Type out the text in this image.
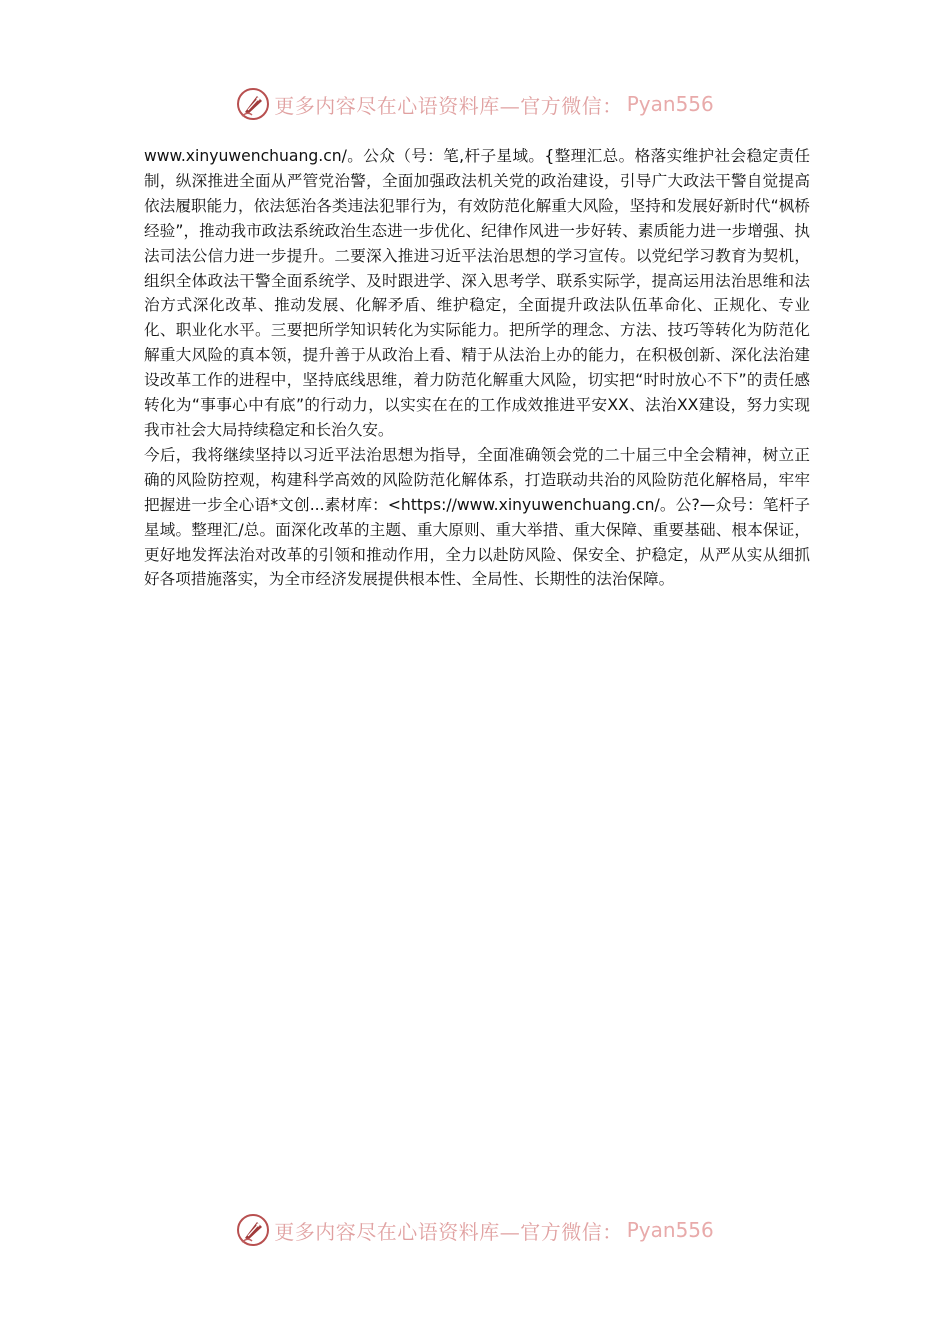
更多内容尽在心语资料库—官方微信： Pyan556

www.xinyuwenchuang.cn/。公众（号：笔,杆子星域。{整理汇总。格落实维护社会稳定责任制，纵深推进全面从严管党治警，全面加强政法机关党的政治建设，引导广大政法干警自觉提高依法履职能力，依法惩治各类违法犯罪行为，有效防范化解重大风险，坚持和发展好新时代“枫桥经验”，推动我市政法系统政治生态进一步优化、纪律作风进一步好转、素质能力进一步增强、执法司法公信力进一步提升。二要深入推进习近平法治思想的学习宣传。以党纪学习教育为契机，组织全体政法干警全面系统学、及时跟进学、深入思考学、联系实际学，提高运用法治思维和法治方式深化改革、推动发展、化解矛盾、维护稳定，全面提升政法队伍革命化、正规化、专业化、职业化水平。三要把所学知识转化为实际能力。把所学的理念、方法、技巧等转化为防范化解重大风险的真本领，提升善于从政治上看、精于从法治上办的能力，在积极创新、深化法治建设改革工作的进程中，坚持底线思维，着力防范化解重大风险，切实把“时时放心不下”的责任感转化为“事事心中有底”的行动力，以实实在在的工作成效推进平安XX、法治XX建设，努力实现我市社会大局持续稳定和长治久安。

今后，我将继续坚持以习近平法治思想为指导，全面准确领会党的二十届三中全会精神，树立正确的风险防控观，构建科学高效的风险防范化解体系，打造联动共治的风险防范化解格局，牢牢把握进一步全心语*文创...素材库：<https://www.xinyuwenchuang.cn/。公?—众号：笔杆子星域。整理汇/总。面深化改革的主题、重大原则、重大举措、重大保障、重要基础、根本保证，更好地发挥法治对改革的引领和推动作用，全力以赴防风险、保安全、护稳定，从严从实从细抓好各项措施落实，为全市经济发展提供根本性、全局性、长期性的法治保障。

更多内容尽在心语资料库—官方微信： Pyan556
